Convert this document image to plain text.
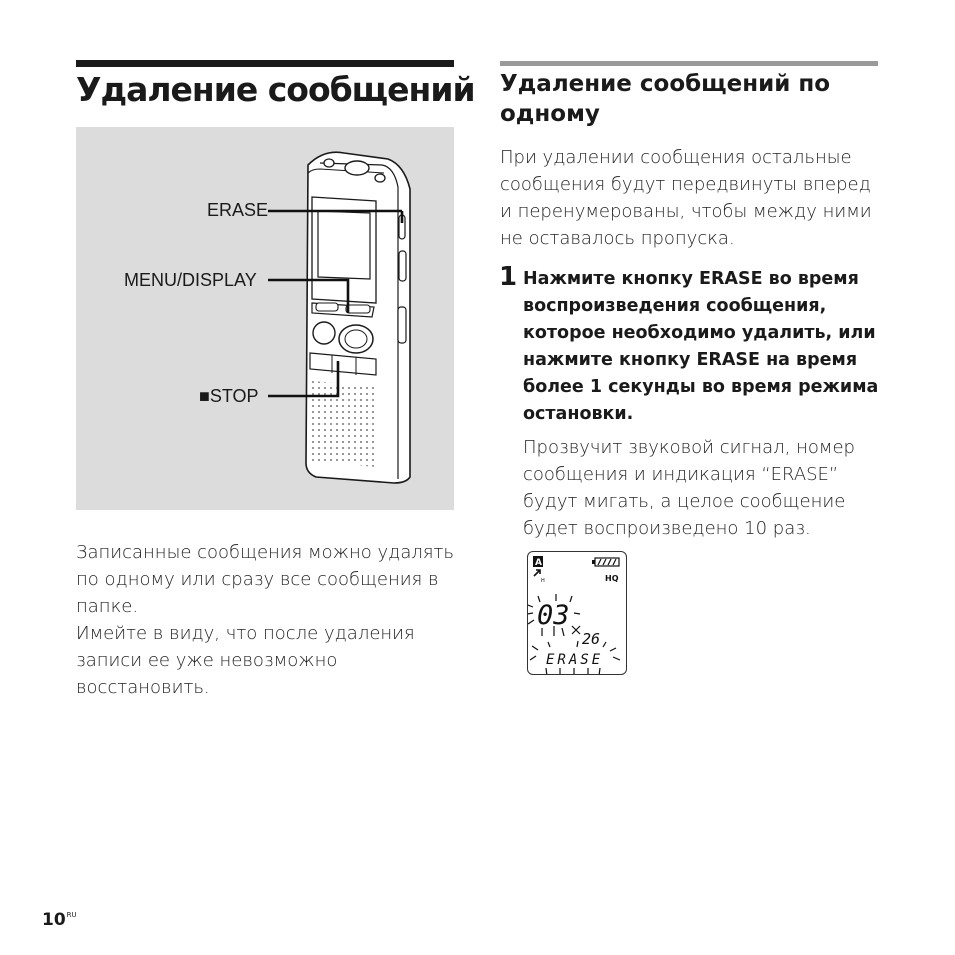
Удаление сообщений
ERASE
MENU/DISPLAY
■STOP
Записанные сообщения можно удалять по одному или сразу все сообщения в папке.
Имейте в виду, что после удаления записи ее уже невозможно восстановить.
Удаление сообщений по одному
При удалении сообщения остальные сообщения будут передвинуты вперед и перенумерованы, чтобы между ними не оставалось пропуска.
1 Нажмите кнопку ERASE во время воспроизведения сообщения, которое необходимо удалить, или нажмите кнопку ERASE на время более 1 секунды во время режима остановки.
Прозвучит звуковой сигнал, номер сообщения и индикация “ERASE” будут мигать, а целое сообщение будет воспроизведено 10 раз.
A
HQ
H
03
26
ERASE
$10^{RU}$
